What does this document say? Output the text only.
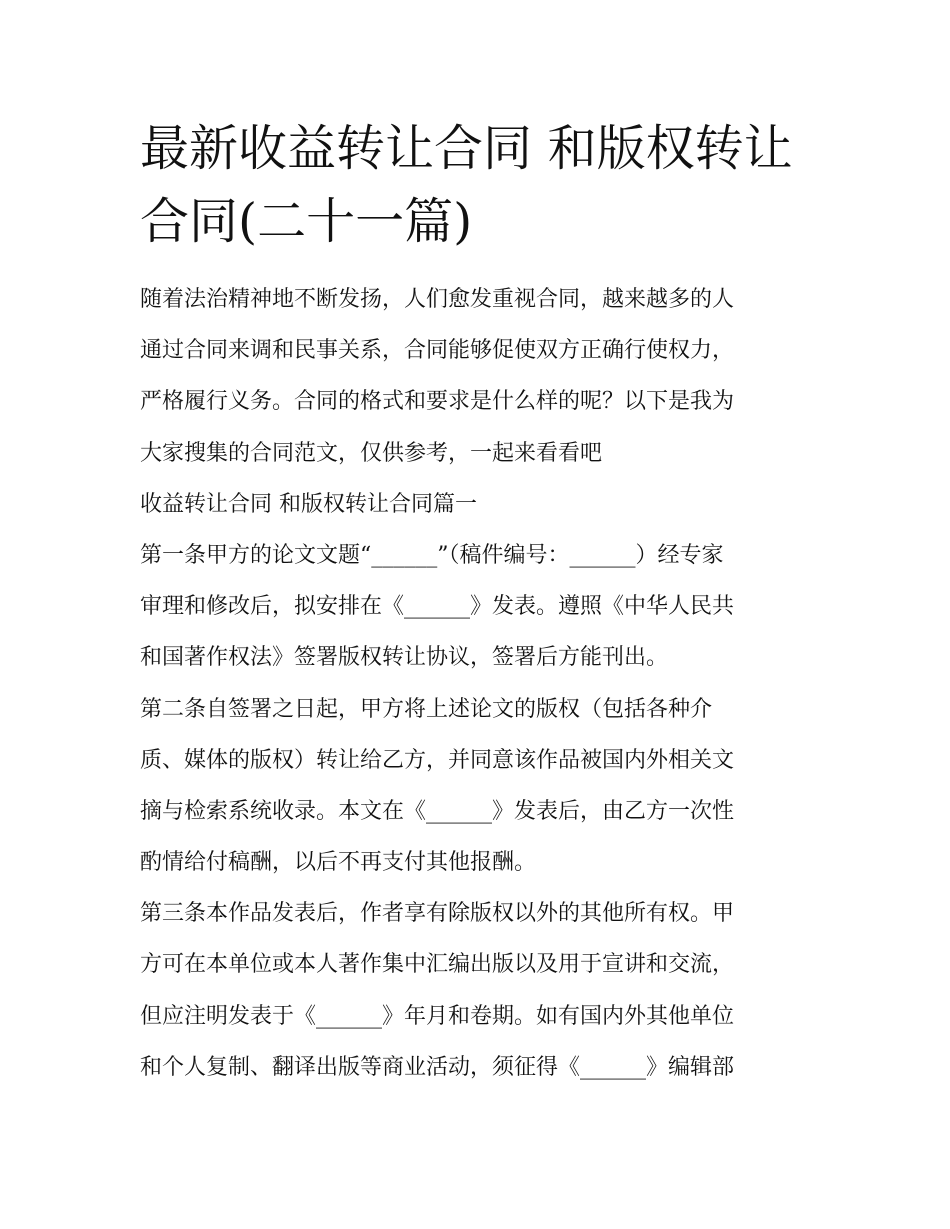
最新收益转让合同 和版权转让
合同(二十一篇)
随着法治精神地不断发扬，人们愈发重视合同，越来越多的人
通过合同来调和民事关系，合同能够促使双方正确行使权力，
严格履行义务。合同的格式和要求是什么样的呢？以下是我为
大家搜集的合同范文，仅供参考，一起来看看吧
收益转让合同 和版权转让合同篇一
第一条甲方的论文文题“______”（稿件编号：______）经专家
审理和修改后，拟安排在《______》发表。遵照《中华人民共
和国著作权法》签署版权转让协议，签署后方能刊出。
第二条自签署之日起，甲方将上述论文的版权（包括各种介
质、媒体的版权）转让给乙方，并同意该作品被国内外相关文
摘与检索系统收录。本文在《______》发表后，由乙方一次性
酌情给付稿酬，以后不再支付其他报酬。
第三条本作品发表后，作者享有除版权以外的其他所有权。甲
方可在本单位或本人著作集中汇编出版以及用于宣讲和交流，
但应注明发表于《______》年月和卷期。如有国内外其他单位
和个人复制、翻译出版等商业活动，须征得《______》编辑部
